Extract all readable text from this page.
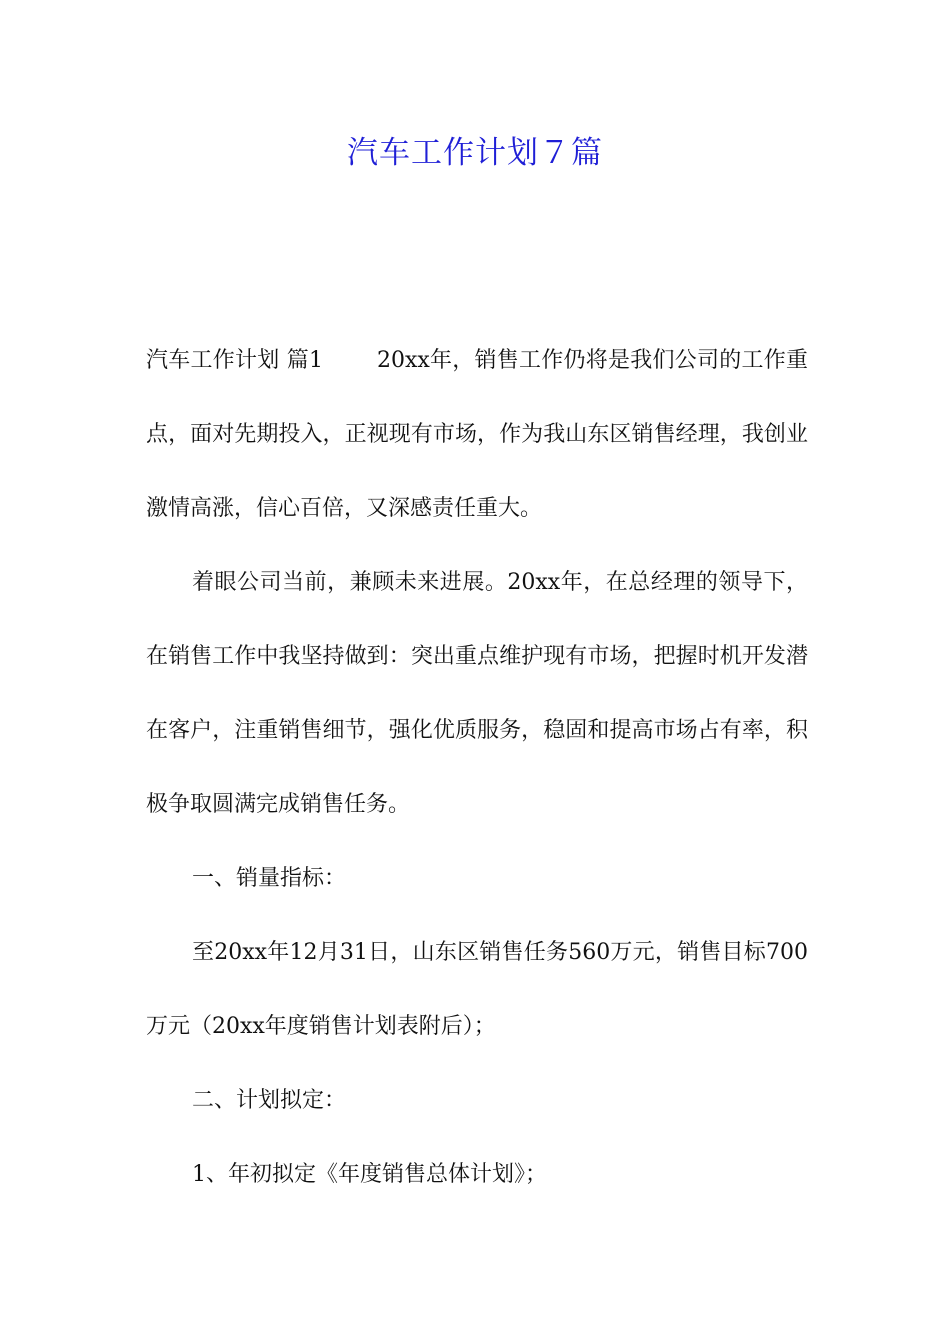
汽车工作计划７篇

汽车工作计划 篇1 20xx年，销售工作仍将是我们公司的工作重点，面对先期投入，正视现有市场，作为我山东区销售经理，我创业激情高涨，信心百倍，又深感责任重大。

着眼公司当前，兼顾未来进展。20xx年，在总经理的领导下，在销售工作中我坚持做到：突出重点维护现有市场，把握时机开发潜在客户，注重销售细节，强化优质服务，稳固和提高市场占有率，积极争取圆满完成销售任务。

一、销量指标：

至20xx年12月31日，山东区销售任务560万元，销售目标700万元（20xx年度销售计划表附后）；

二、计划拟定：

1、年初拟定《年度销售总体计划》；
